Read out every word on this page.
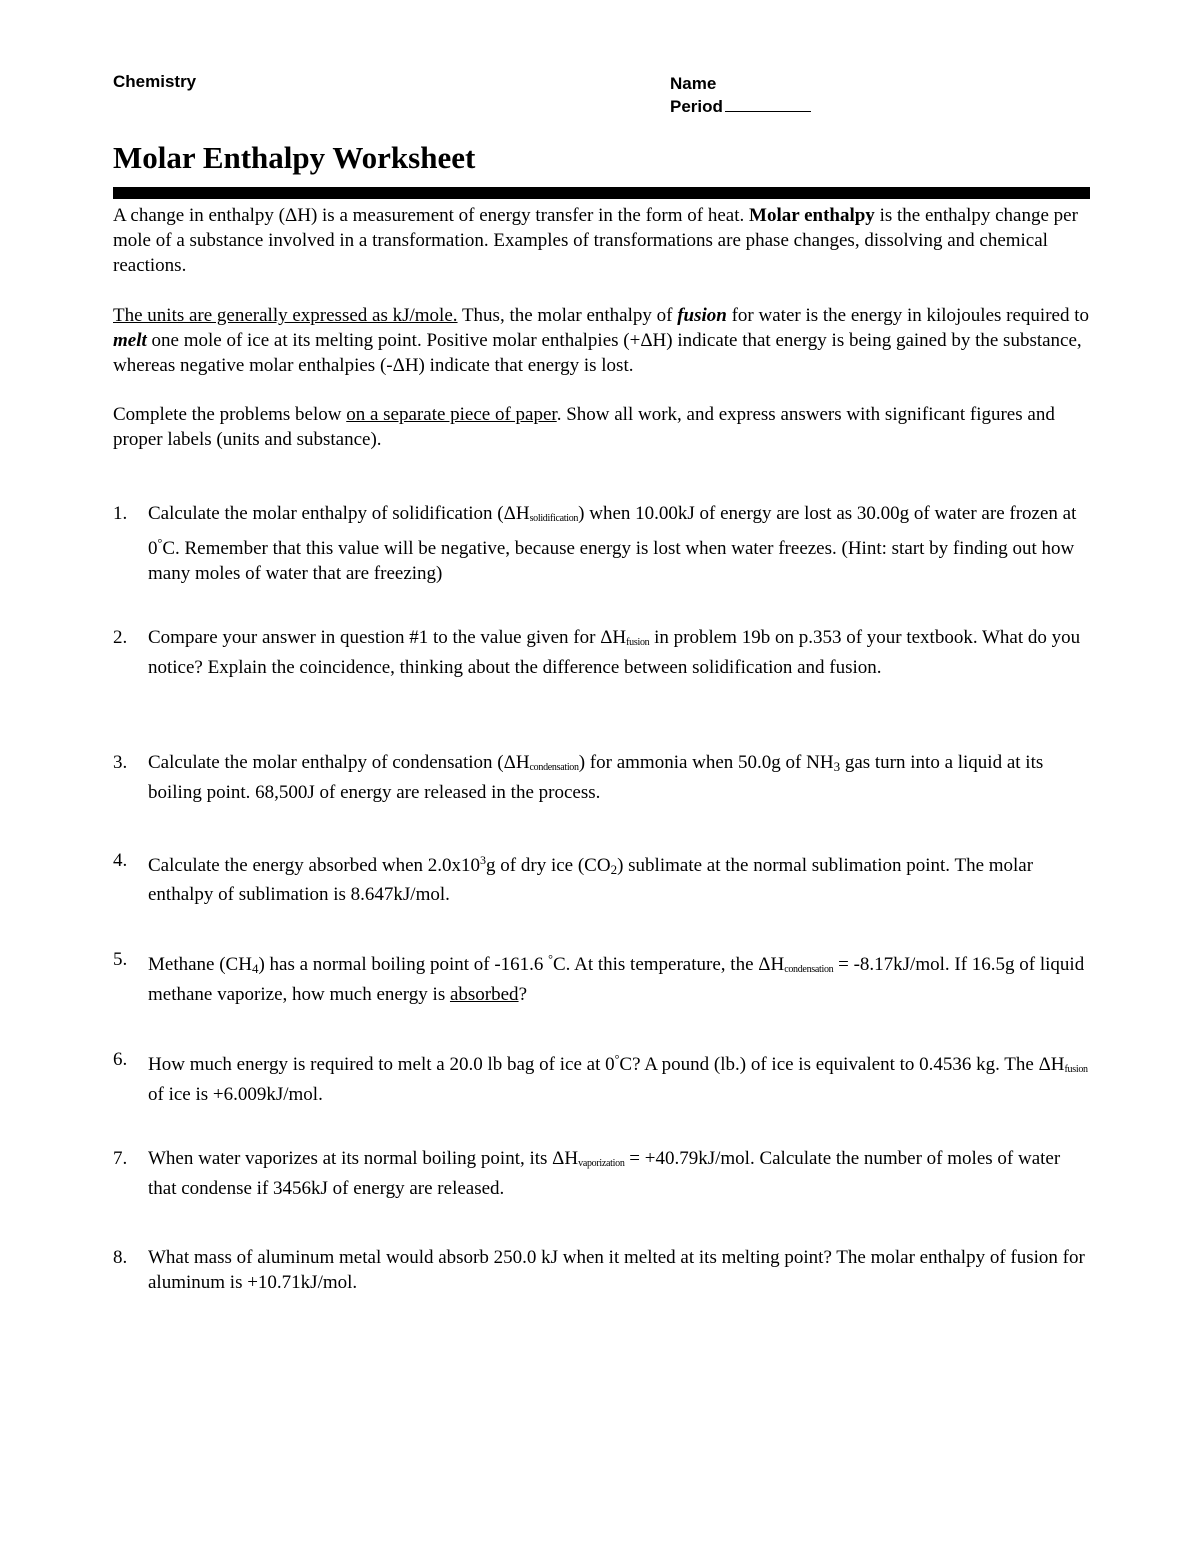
Chemistry	Name
Period
Molar Enthalpy Worksheet

A change in enthalpy (ΔH) is a measurement of energy transfer in the form of heat. Molar enthalpy is the enthalpy change per mole of a substance involved in a transformation. Examples of transformations are phase changes, dissolving and chemical reactions.

The units are generally expressed as kJ/mole. Thus, the molar enthalpy of fusion for water is the energy in kilojoules required to melt one mole of ice at its melting point. Positive molar enthalpies (+ΔH) indicate that energy is being gained by the substance, whereas negative molar enthalpies (-ΔH) indicate that energy is lost.

Complete the problems below on a separate piece of paper. Show all work, and express answers with significant figures and proper labels (units and substance).

1.	Calculate the molar enthalpy of solidification $(\Delta H_{solidification})$ when 10.00kJ of energy are lost as 30.00g of water are frozen at 0°C. Remember that this value will be negative, because energy is lost when water freezes. (Hint: start by finding out how many moles of water that are freezing)
2.	Compare your answer in question #1 to the value given for $\Delta H_{fusion}$ in problem 19b on p.353 of your textbook. What do you notice? Explain the coincidence, thinking about the difference between solidification and fusion.
3.	Calculate the molar enthalpy of condensation $(\Delta H_{condensation})$ for ammonia when 50.0g of $NH_3$ gas turn into a liquid at its boiling point. 68,500J of energy are released in the process.
4.	Calculate the energy absorbed when $2.0x10^3g$ of dry ice $(CO_2)$ sublimate at the normal sublimation point. The molar enthalpy of sublimation is 8.647kJ/mol.
5.	Methane $(CH_4)$ has a normal boiling point of -161.6 °C. At this temperature, the $\Delta H_{condensation} = -8.17kJ/mol$. If 16.5g of liquid methane vaporize, how much energy is absorbed?
6.	How much energy is required to melt a 20.0 lb bag of ice at 0°C? A pound (lb.) of ice is equivalent to 0.4536 kg. The $\Delta H_{fusion}$ of ice is +6.009kJ/mol.
7.	When water vaporizes at its normal boiling point, its $\Delta H_{vaporization} = +40.79kJ/mol$. Calculate the number of moles of water that condense if 3456kJ of energy are released.
8.	What mass of aluminum metal would absorb 250.0 kJ when it melted at its melting point? The molar enthalpy of fusion for aluminum is +10.71kJ/mol.
